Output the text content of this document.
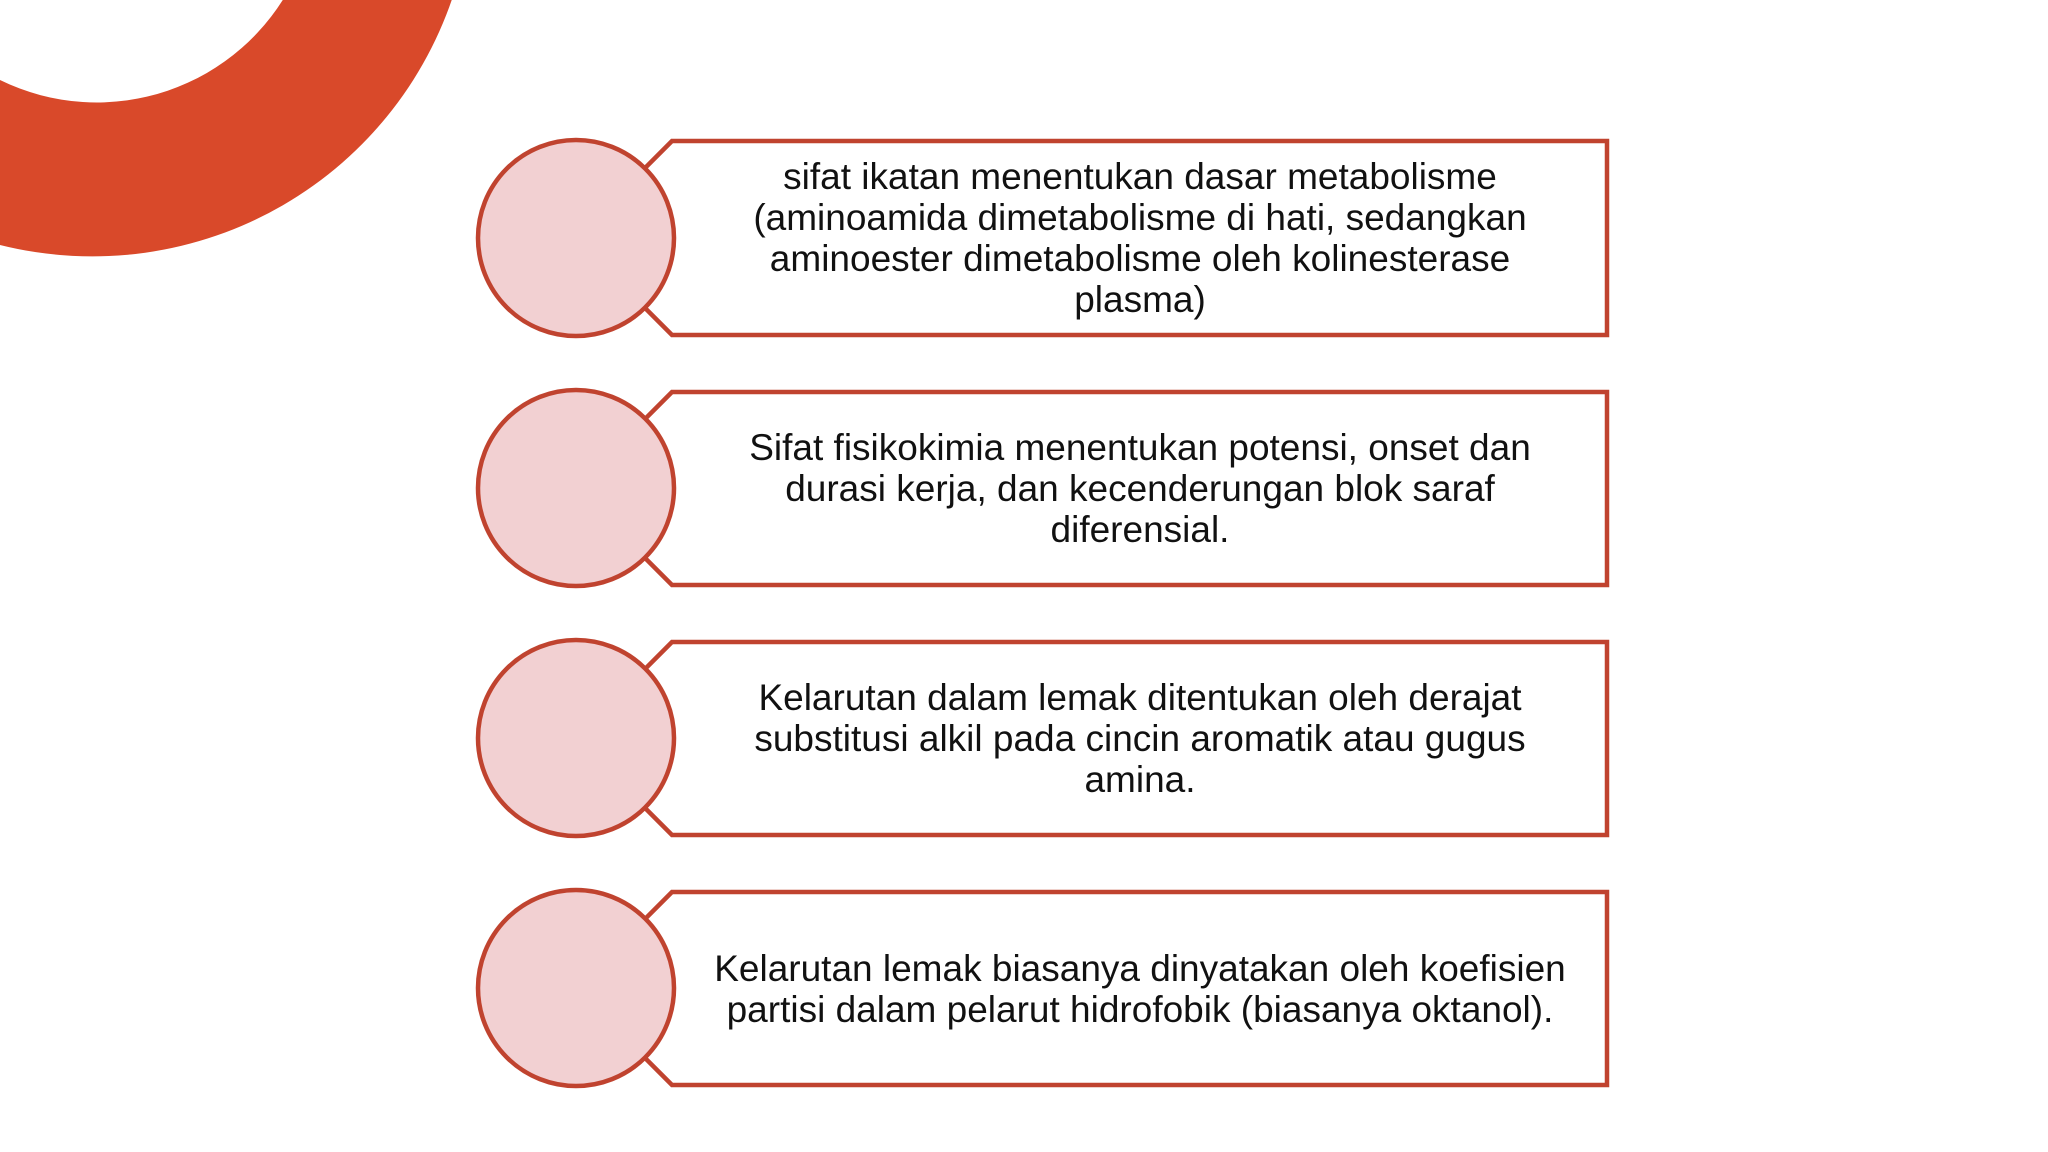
sifat ikatan menentukan dasar metabolisme (aminoamida dimetabolisme di hati, sedangkan aminoester dimetabolisme oleh kolinesterase plasma)
Sifat fisikokimia menentukan potensi, onset dan durasi kerja, dan kecenderungan blok saraf diferensial.
Kelarutan dalam lemak ditentukan oleh derajat substitusi alkil pada cincin aromatik atau gugus amina.
Kelarutan lemak biasanya dinyatakan oleh koefisien partisi dalam pelarut hidrofobik (biasanya oktanol).
